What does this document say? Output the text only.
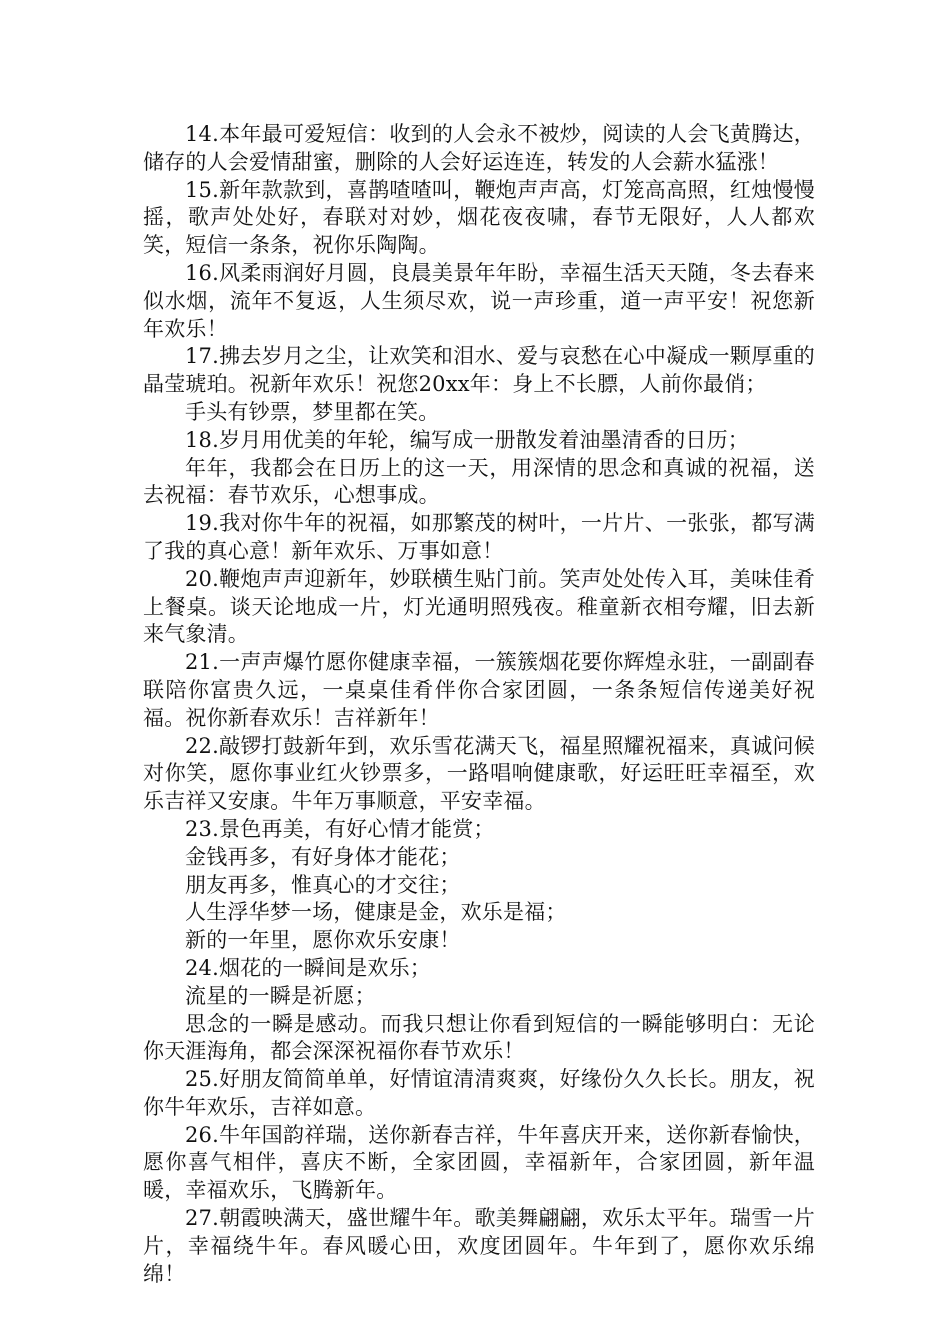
14.本年最可爱短信：收到的人会永不被炒，阅读的人会飞黄腾达，储存的人会爱情甜蜜，删除的人会好运连连，转发的人会薪水猛涨！

15.新年款款到，喜鹊喳喳叫，鞭炮声声高，灯笼高高照，红烛慢慢摇，歌声处处好，春联对对妙，烟花夜夜啸，春节无限好，人人都欢笑，短信一条条，祝你乐陶陶。

16.风柔雨润好月圆，良晨美景年年盼，幸福生活天天随，冬去春来似水烟，流年不复返，人生须尽欢，说一声珍重，道一声平安！祝您新年欢乐！

17.拂去岁月之尘，让欢笑和泪水、爱与哀愁在心中凝成一颗厚重的晶莹琥珀。祝新年欢乐！祝您20xx年：身上不长膘，人前你最俏；

手头有钞票，梦里都在笑。

18.岁月用优美的年轮，编写成一册散发着油墨清香的日历；

年年，我都会在日历上的这一天，用深情的思念和真诚的祝福，送去祝福：春节欢乐，心想事成。

19.我对你牛年的祝福，如那繁茂的树叶，一片片、一张张，都写满了我的真心意！新年欢乐、万事如意！

20.鞭炮声声迎新年，妙联横生贴门前。笑声处处传入耳，美味佳肴上餐桌。谈天论地成一片，灯光通明照残夜。稚童新衣相夸耀，旧去新来气象清。

21.一声声爆竹愿你健康幸福，一簇簇烟花要你辉煌永驻，一副副春联陪你富贵久远，一桌桌佳肴伴你合家团圆，一条条短信传递美好祝福。祝你新春欢乐！吉祥新年！

22.敲锣打鼓新年到，欢乐雪花满天飞，福星照耀祝福来，真诚问候对你笑，愿你事业红火钞票多，一路唱响健康歌，好运旺旺幸福至，欢乐吉祥又安康。牛年万事顺意，平安幸福。

23.景色再美，有好心情才能赏；

金钱再多，有好身体才能花；

朋友再多，惟真心的才交往；

人生浮华梦一场，健康是金，欢乐是福；

新的一年里，愿你欢乐安康！

24.烟花的一瞬间是欢乐；

流星的一瞬是祈愿；

思念的一瞬是感动。而我只想让你看到短信的一瞬能够明白：无论你天涯海角，都会深深祝福你春节欢乐！

25.好朋友简简单单，好情谊清清爽爽，好缘份久久长长。朋友，祝你牛年欢乐，吉祥如意。

26.牛年国韵祥瑞，送你新春吉祥，牛年喜庆开来，送你新春愉快，愿你喜气相伴，喜庆不断，全家团圆，幸福新年，合家团圆，新年温暖，幸福欢乐，飞腾新年。

27.朝霞映满天，盛世耀牛年。歌美舞翩翩，欢乐太平年。瑞雪一片片，幸福绕牛年。春风暖心田，欢度团圆年。牛年到了，愿你欢乐绵绵！
